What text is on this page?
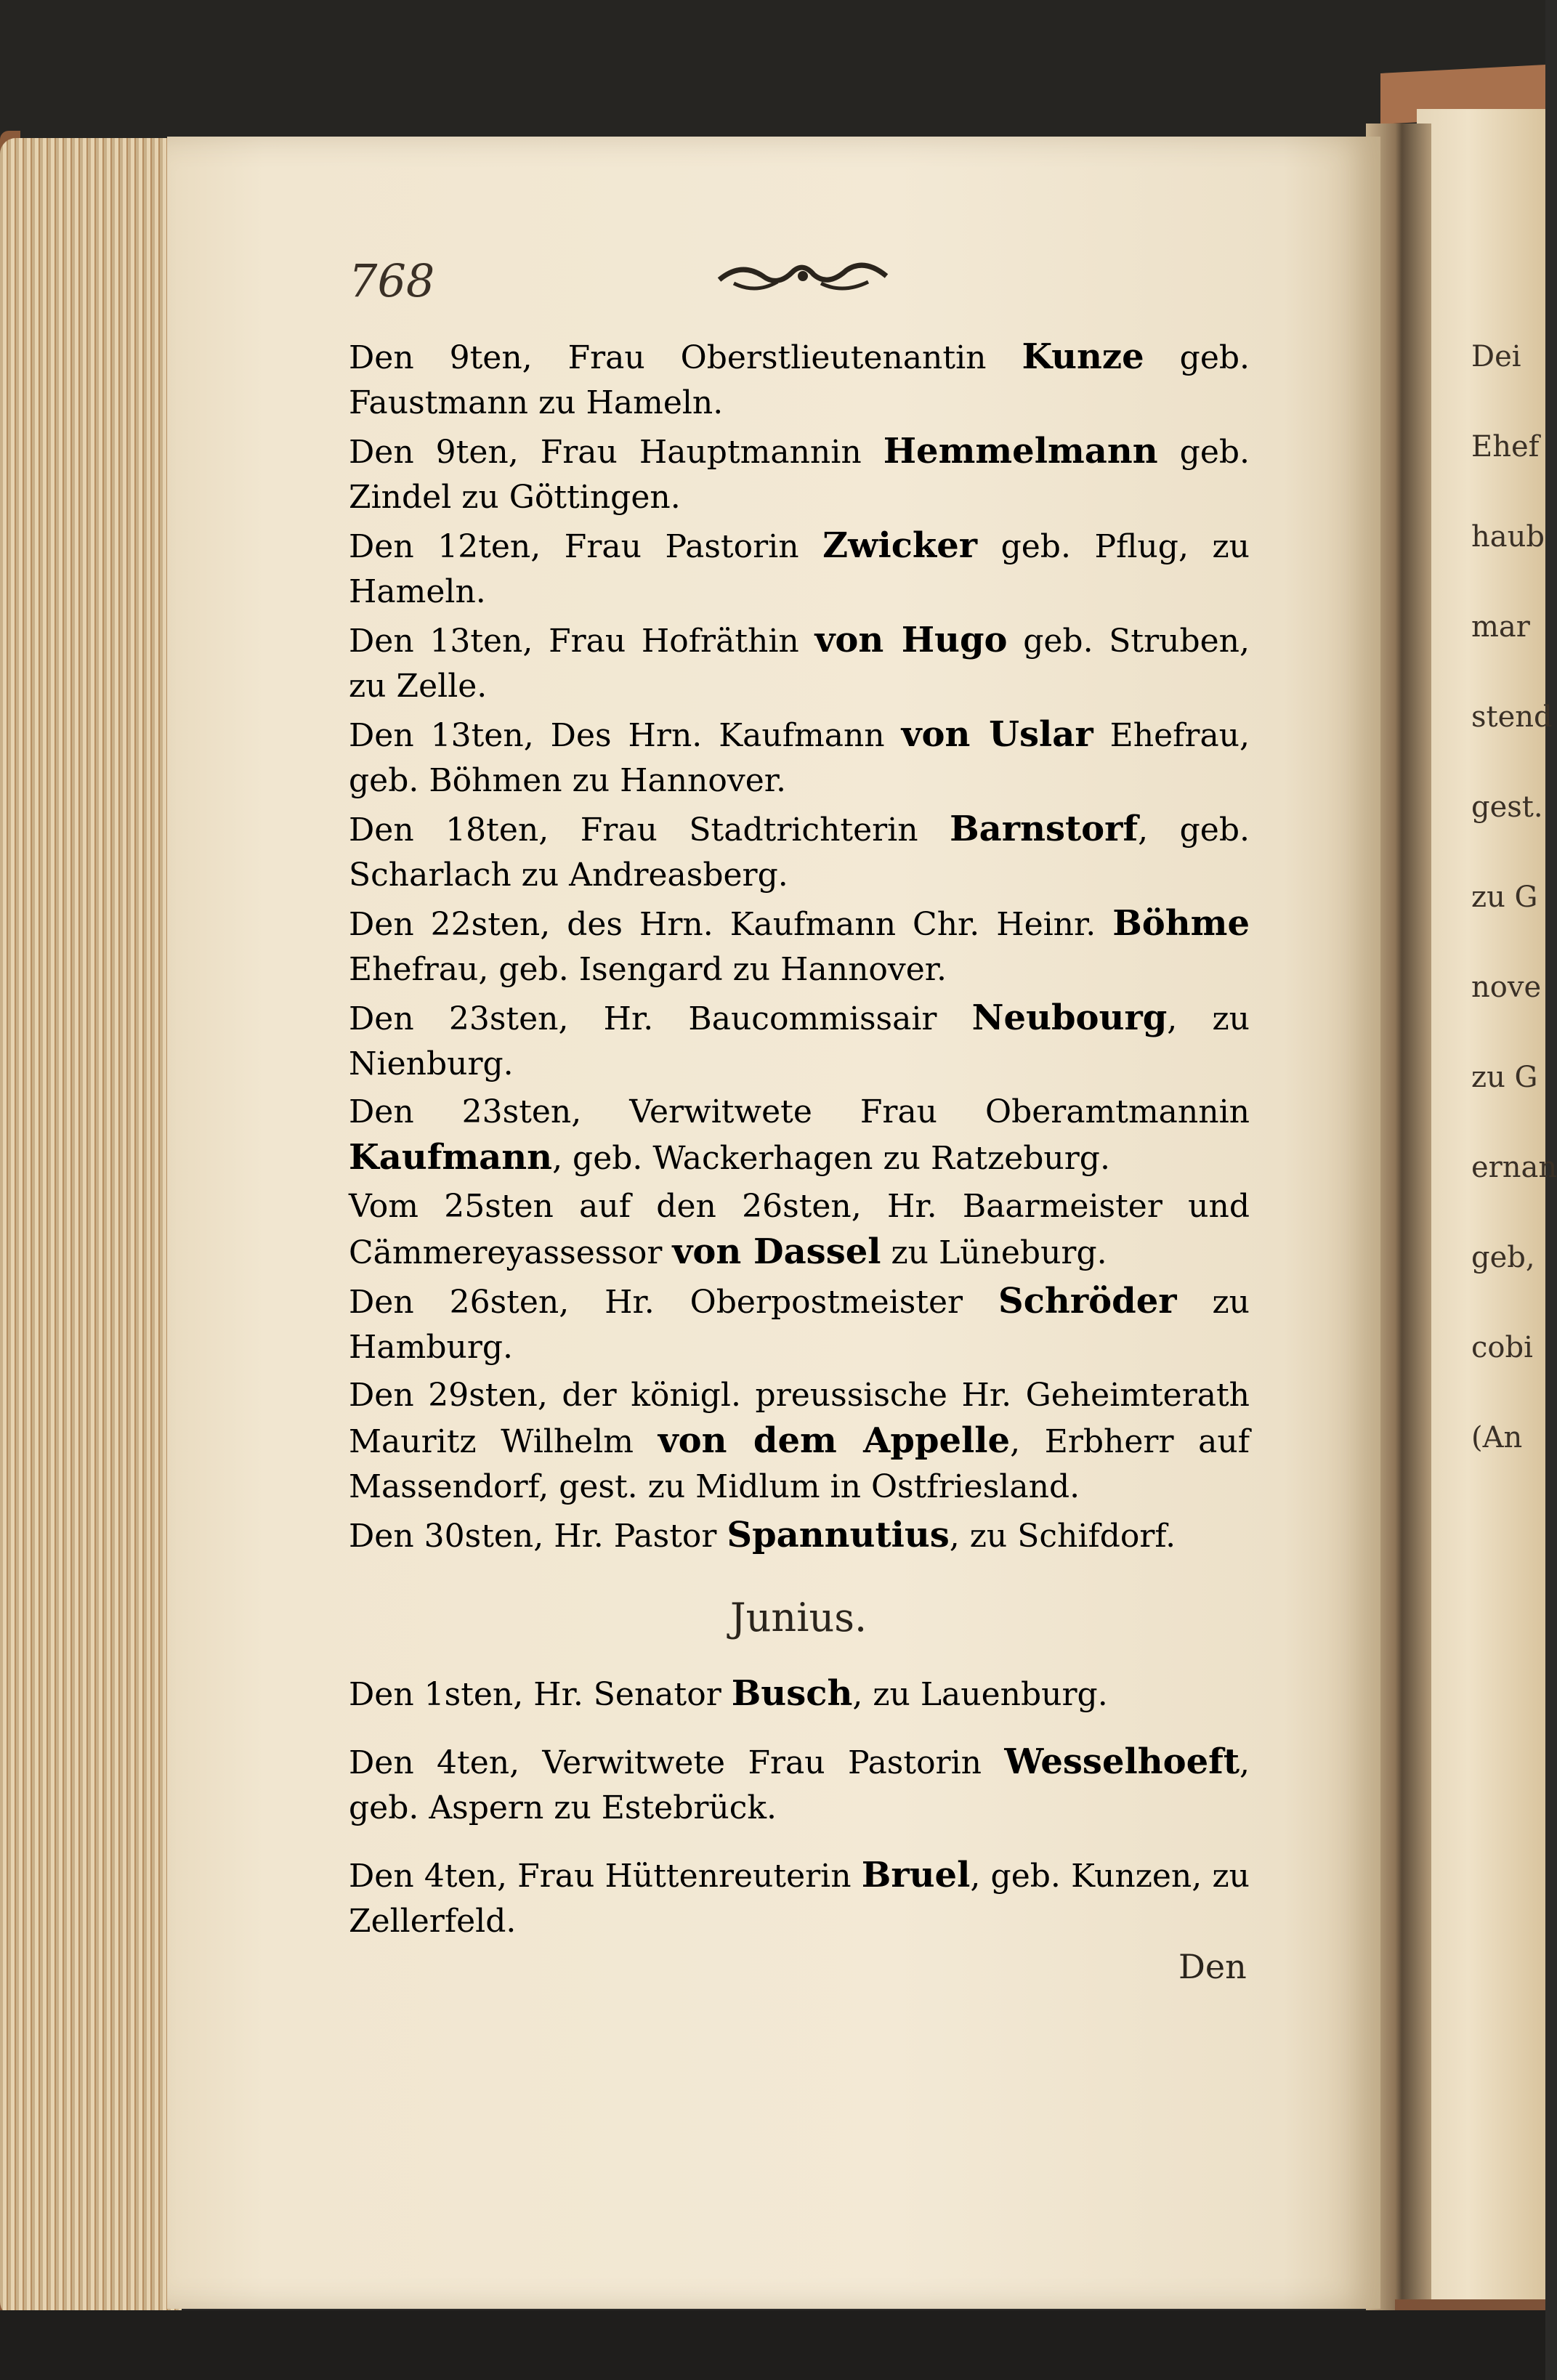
768

Den 9ten, Frau Oberstlieutenantin Kunze geb. Faustmann zu Hameln.

Den 9ten, Frau Hauptmannin Hemmelmann geb. Zindel zu Göttingen.

Den 12ten, Frau Pastorin Zwicker geb. Pflug, zu Hameln.

Den 13ten, Frau Hofräthin von Hugo geb. Struben, zu Zelle.

Den 13ten, Des Hrn. Kaufmann von Uslar Ehefrau, geb. Böhmen zu Hannover.

Den 18ten, Frau Stadtrichterin Barnstorf, geb. Scharlach zu Andreasberg.

Den 22sten, des Hrn. Kaufmann Chr. Heinr. Böhme Ehefrau, geb. Isengard zu Hannover.

Den 23sten, Hr. Baucommissair Neubourg, zu Nienburg.

Den 23sten, Verwitwete Frau Oberamtmannin Kaufmann, geb. Wackerhagen zu Ratzeburg.

Vom 25sten auf den 26sten, Hr. Baarmeister und Cämmereyassessor von Dassel zu Lüneburg.

Den 26sten, Hr. Oberpostmeister Schröder zu Hamburg.

Den 29sten, der königl. preussische Hr. Geheimterath Mauritz Wilhelm von dem Appelle, Erbherr auf Massendorf, gest. zu Midlum in Ostfriesland.

Den 30sten, Hr. Pastor Spannutius, zu Schifdorf.

Junius.

Den 1sten, Hr. Senator Busch, zu Lauenburg.

Den 4ten, Verwitwete Frau Pastorin Wesselhoeft, geb. Aspern zu Estebrück.

Den 4ten, Frau Hüttenreuterin Bruel, geb. Kunzen, zu Zellerfeld.

Den
Dei
Ehef
haub
mar
stend
gest.
zu G
nove
zu G
ernan
geb,
cobi
(An
